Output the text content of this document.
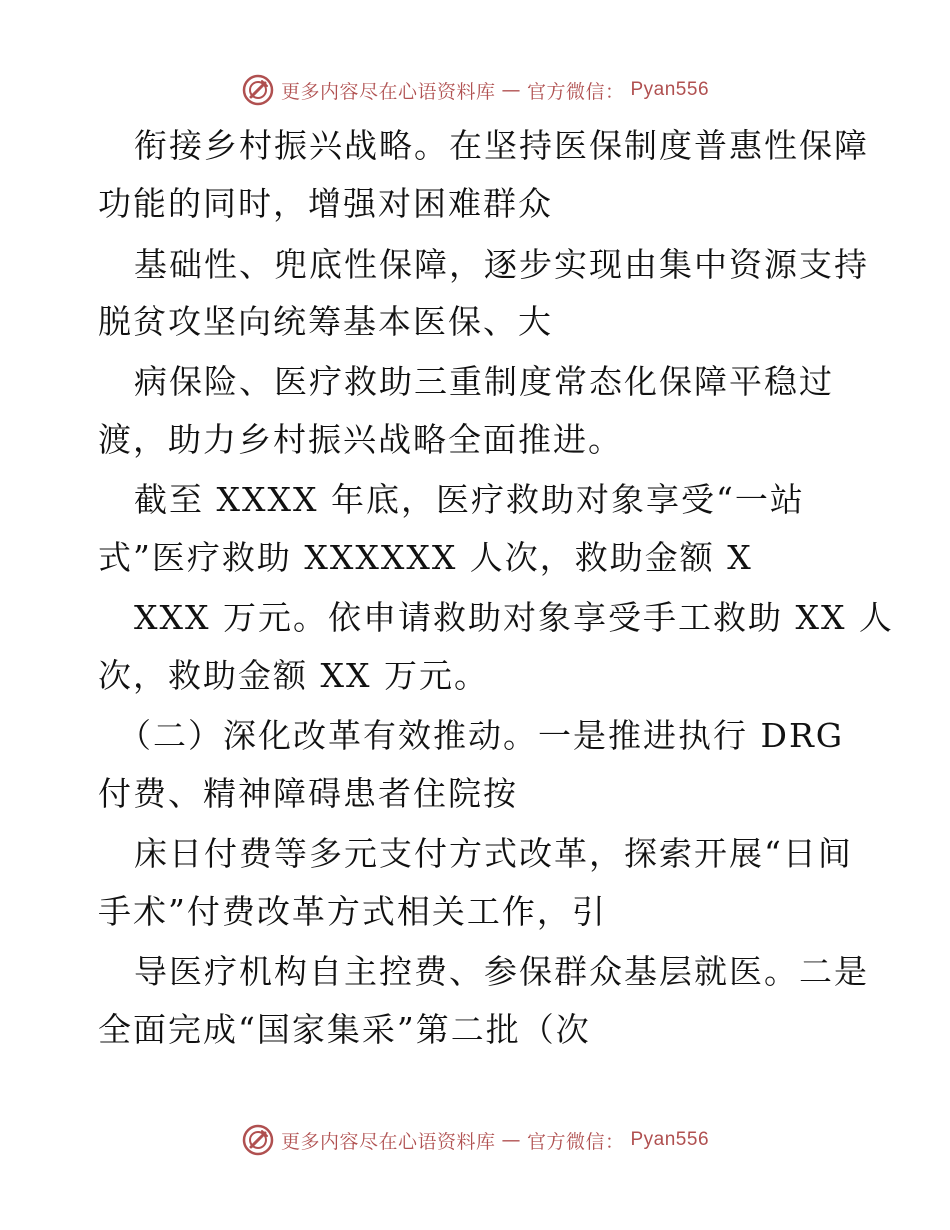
更多内容尽在心语资料库 — 官方微信： Pyan556
衔接乡村振兴战略。在坚持医保制度普惠性保障
功能的同时，增强对困难群众
基础性、兜底性保障，逐步实现由集中资源支持
脱贫攻坚向统筹基本医保、大
病保险、医疗救助三重制度常态化保障平稳过
渡，助力乡村振兴战略全面推进。
截至 XXXX 年底，医疗救助对象享受“一站
式”医疗救助 XXXXXX 人次，救助金额 X
XXX 万元。依申请救助对象享受手工救助 XX 人
次，救助金额 XX 万元。
（二）深化改革有效推动。一是推进执行 DRG
付费、精神障碍患者住院按
床日付费等多元支付方式改革，探索开展“日间
手术”付费改革方式相关工作，引
导医疗机构自主控费、参保群众基层就医。二是
全面完成“国家集采”第二批（次
更多内容尽在心语资料库 — 官方微信： Pyan556
